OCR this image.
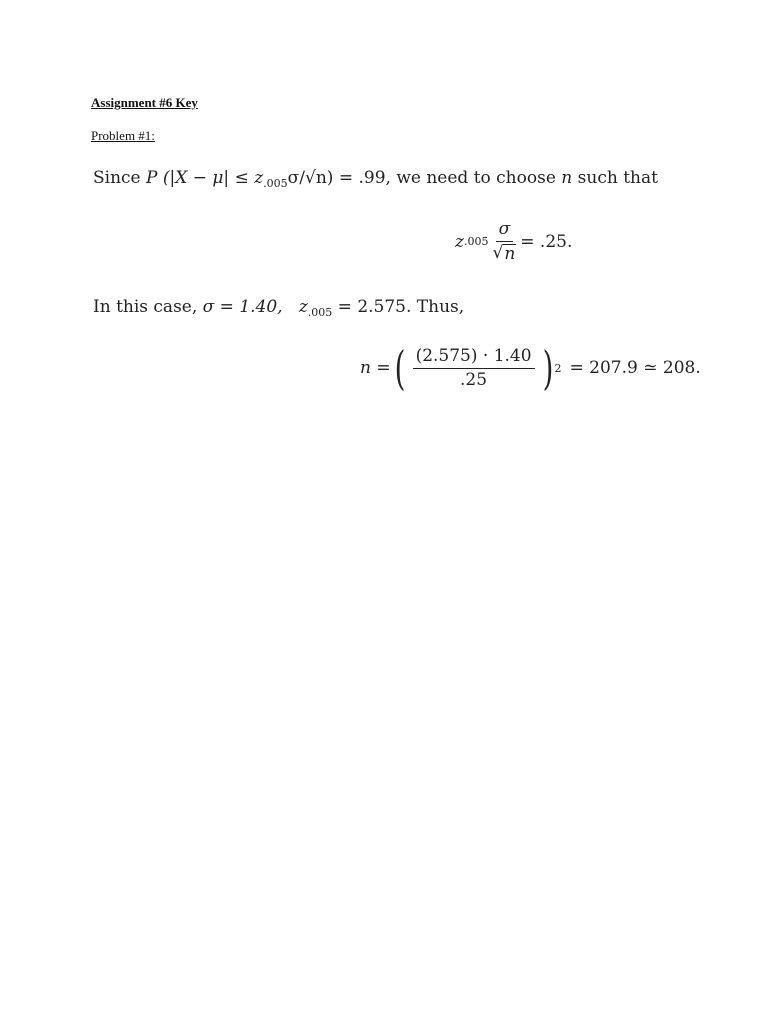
Assignment #6 Key
Problem #1:
Since P $(|X - \mu| \le z_{.005}\sigma/√n) = .99$, we need to choose n such that
z $.005 \frac{\sigma}{√ n} = .25$.
In this case, σ = 1.40, $z_{.005} = 2.575$. Thus,
n = ( $\frac{(2.575) \cdot 1.40}{.25}$ ) 2 = 207.9 ≃ 208.
